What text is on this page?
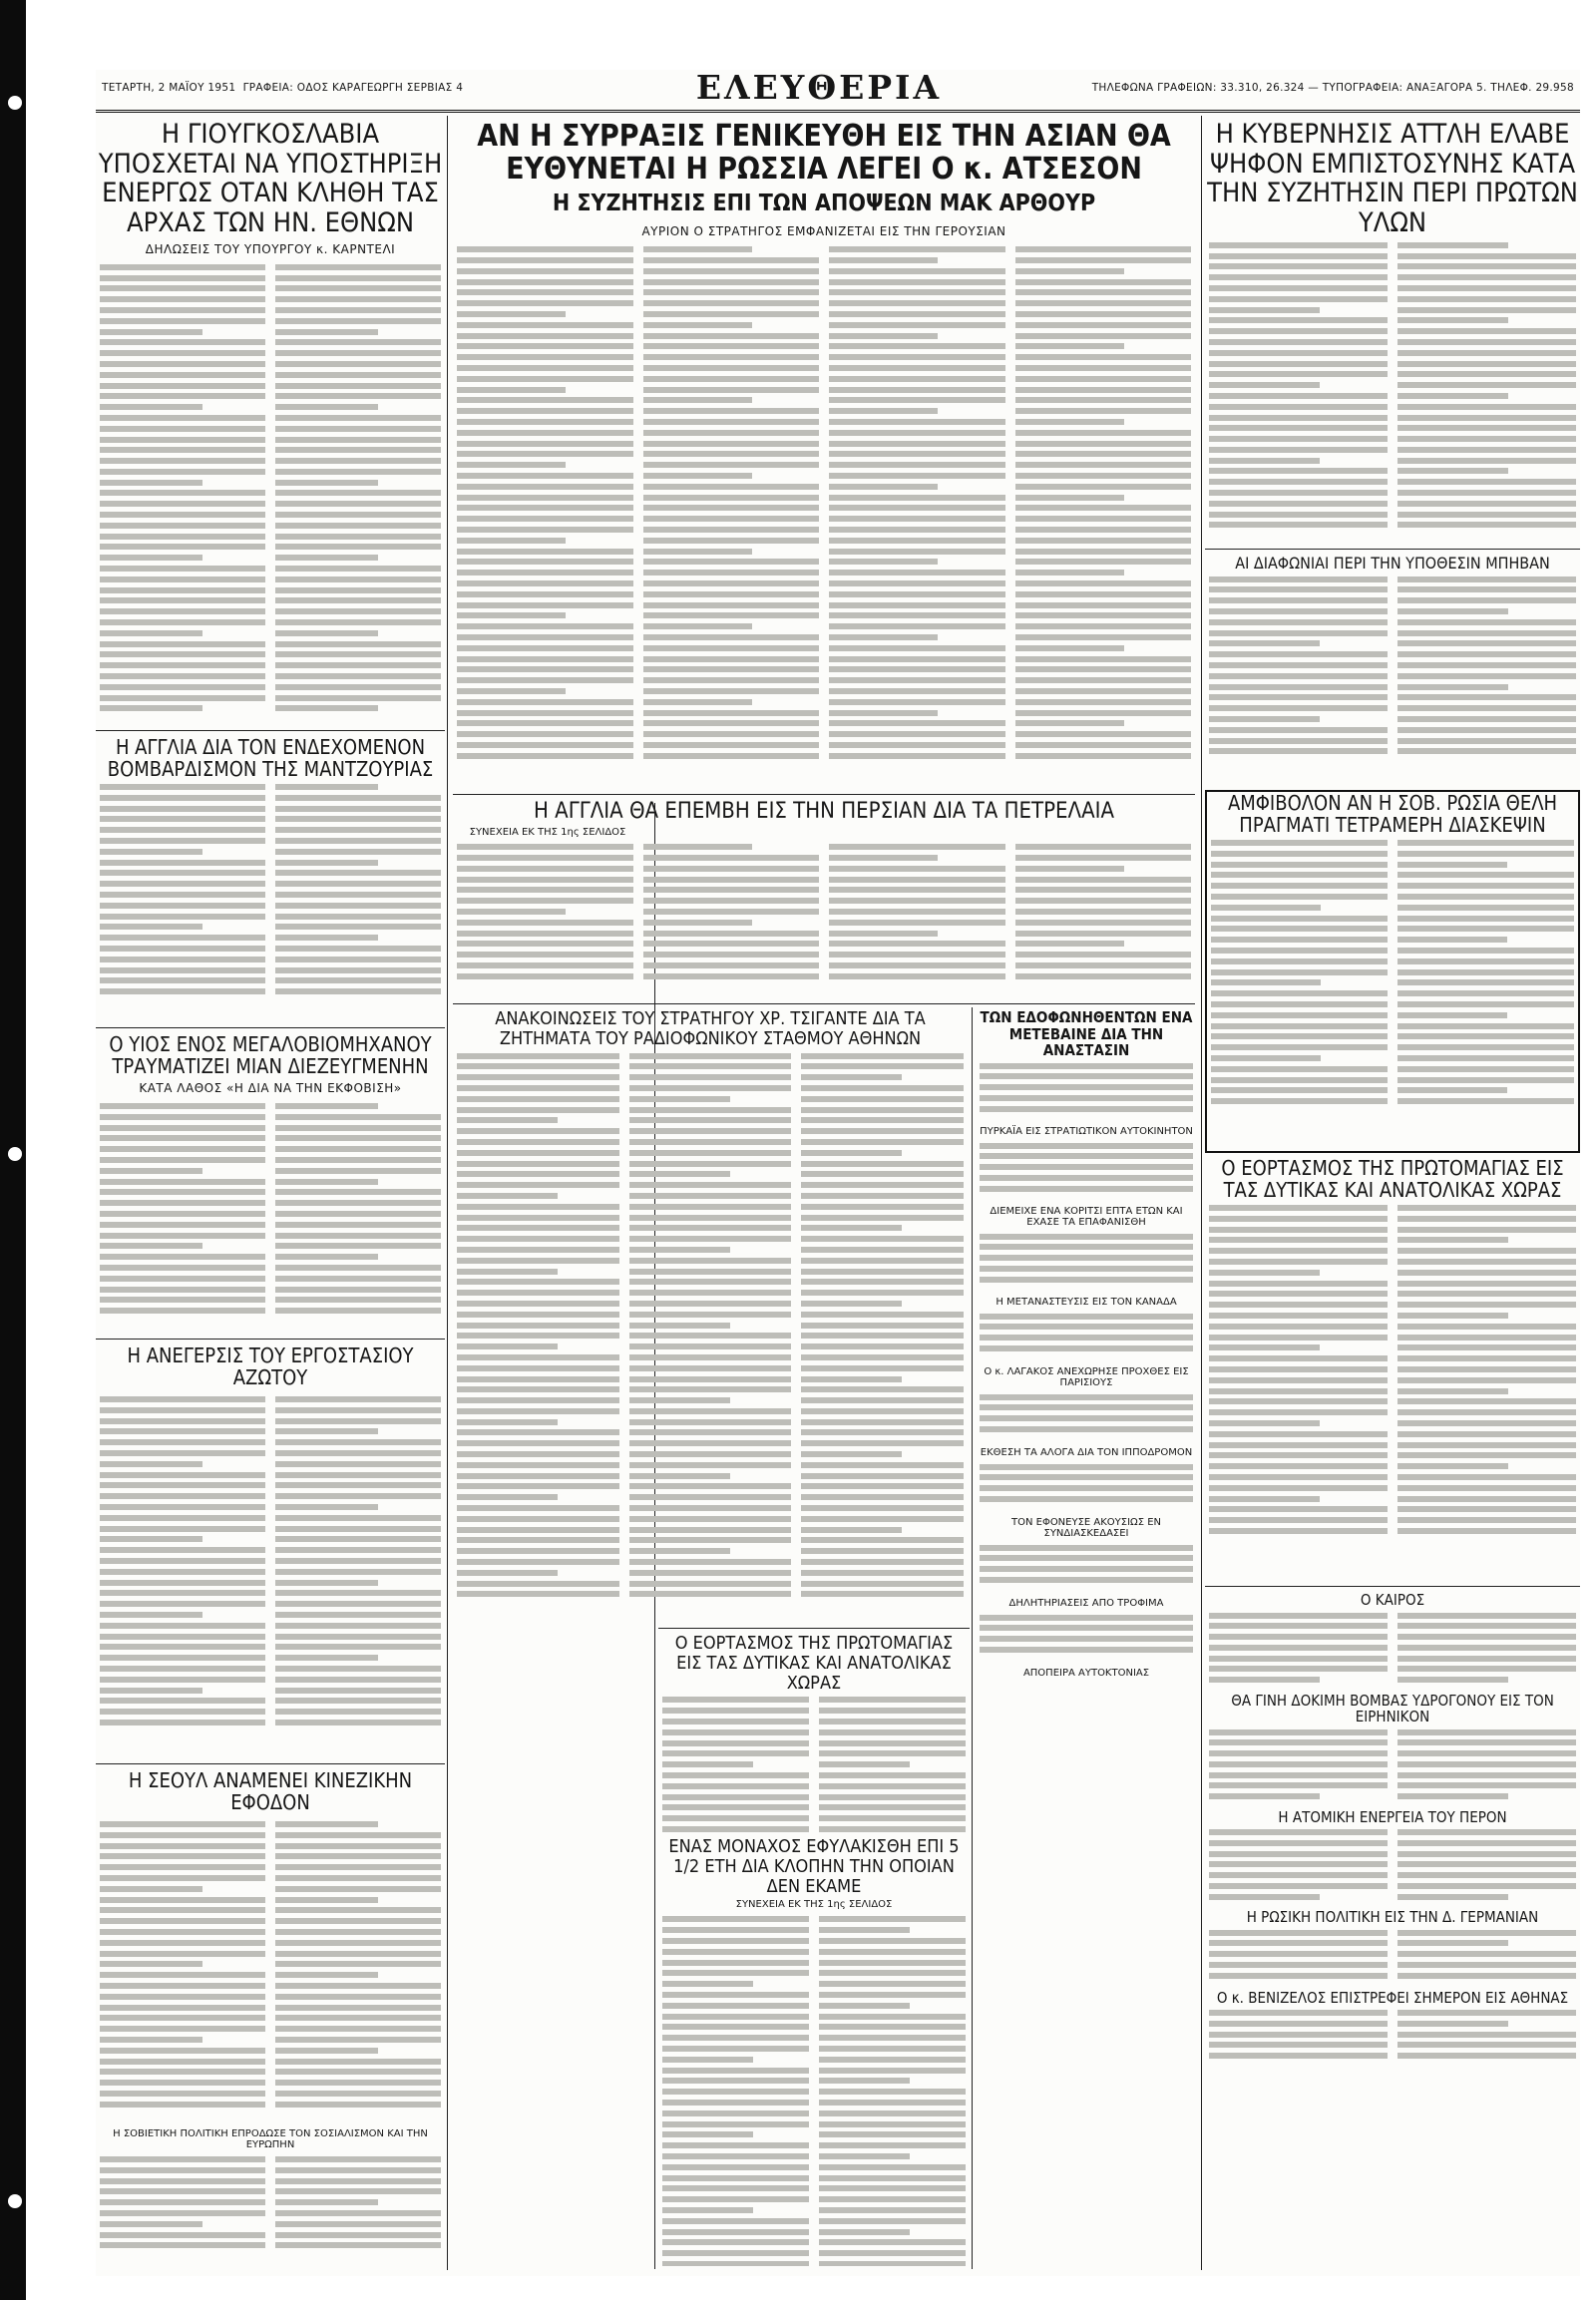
ΤΕΤΑΡΤΗ, 2 ΜΑΪΟΥ 1951 ΓΡΑΦΕΙΑ: ΟΔΟΣ ΚΑΡΑΓΕΩΡΓΗ ΣΕΡΒΙΑΣ 4	ΕΛΕΥΘΕΡΙΑ	ΤΗΛΕΦΩΝΑ ΓΡΑΦΕΙΩΝ: 33.310, 26.324 — ΤΥΠΟΓΡΑΦΕΙΑ: ΑΝΑΞΑΓΟΡΑ 5. ΤΗΛΕΦ. 29.958
Η ΓΙΟΥΓΚΟΣΛΑΒΙΑ ΥΠΟΣΧΕΤΑΙ ΝΑ ΥΠΟΣΤΗΡΙΞΗ ΕΝΕΡΓΩΣ ΟΤΑΝ ΚΛΗΘΗ ΤΑΣ ΑΡΧΑΣ ΤΩΝ ΗΝ. ΕΘΝΩΝ
ΔΗΛΩΣΕΙΣ ΤΟΥ ΥΠΟΥΡΓΟΥ κ. ΚΑΡΝΤΕΛΙ
Η ΑΓΓΛΙΑ ΔΙΑ ΤΟΝ ΕΝΔΕΧΟΜΕΝΟΝ ΒΟΜΒΑΡΔΙΣΜΟΝ ΤΗΣ ΜΑΝΤΖΟΥΡΙΑΣ
Ο ΥΙΟΣ ΕΝΟΣ ΜΕΓΑΛΟΒΙΟΜΗΧΑΝΟΥ ΤΡΑΥΜΑΤΙΖΕΙ ΜΙΑΝ ΔΙΕΖΕΥΓΜΕΝΗΝ
ΚΑΤΑ ΛΑΘΟΣ «Η ΔΙΑ ΝΑ ΤΗΝ ΕΚΦΟΒΙΣΗ»
Η ΑΝΕΓΕΡΣΙΣ ΤΟΥ ΕΡΓΟΣΤΑΣΙΟΥ ΑΖΩΤΟΥ
Η ΣΕΟΥΛ ΑΝΑΜΕΝΕΙ ΚΙΝΕΖΙΚΗΝ ΕΦΟΔΟΝ
Η ΣΟΒΙΕΤΙΚΗ ΠΟΛΙΤΙΚΗ ΕΠΡΟΔΩΣΕ ΤΟΝ ΣΟΣΙΑΛΙΣΜΟΝ ΚΑΙ ΤΗΝ ΕΥΡΩΠΗΝ
ΑΝ Η ΣΥΡΡΑΞΙΣ ΓΕΝΙΚΕΥΘΗ ΕΙΣ ΤΗΝ ΑΣΙΑΝ ΘΑ ΕΥΘΥΝΕΤΑΙ Η ΡΩΣΣΙΑ ΛΕΓΕΙ Ο κ. ΑΤΣΕΣΟΝ
Η ΣΥΖΗΤΗΣΙΣ ΕΠΙ ΤΩΝ ΑΠΟΨΕΩΝ ΜΑΚ ΑΡΘΟΥΡ
ΑΥΡΙΟΝ Ο ΣΤΡΑΤΗΓΟΣ ΕΜΦΑΝΙΖΕΤΑΙ ΕΙΣ ΤΗΝ ΓΕΡΟΥΣΙΑΝ
Η ΑΓΓΛΙΑ ΘΑ ΕΠΕΜΒΗ ΕΙΣ ΤΗΝ ΠΕΡΣΙΑΝ ΔΙΑ ΤΑ ΠΕΤΡΕΛΑΙΑ
ΣΥΝΕΧΕΙΑ ΕΚ ΤΗΣ 1ης ΣΕΛΙΔΟΣ
ΑΝΑΚΟΙΝΩΣΕΙΣ ΤΟΥ ΣΤΡΑΤΗΓΟΥ ΧΡ. ΤΣΙΓΑΝΤΕ ΔΙΑ ΤΑ ΖΗΤΗΜΑΤΑ ΤΟΥ ΡΑΔΙΟΦΩΝΙΚΟΥ ΣΤΑΘΜΟΥ ΑΘΗΝΩΝ
Ο ΕΟΡΤΑΣΜΟΣ ΤΗΣ ΠΡΩΤΟΜΑΓΙΑΣ ΕΙΣ ΤΑΣ ΔΥΤΙΚΑΣ ΚΑΙ ΑΝΑΤΟΛΙΚΑΣ ΧΩΡΑΣ
ΕΝΑΣ ΜΟΝΑΧΟΣ ΕΦΥΛΑΚΙΣΘΗ ΕΠΙ 5 1/2 ΕΤΗ ΔΙΑ ΚΛΟΠΗΝ ΤΗΝ ΟΠΟΙΑΝ ΔΕΝ ΕΚΑΜΕ
ΣΥΝΕΧΕΙΑ ΕΚ ΤΗΣ 1ης ΣΕΛΙΔΟΣ
ΤΩΝ ΕΔΟΦΩΝΗΘΕΝΤΩΝ ΕΝΑ ΜΕΤΕΒΑΙΝΕ ΔΙΑ ΤΗΝ ΑΝΑΣΤΑΣΙΝ
ΠΥΡΚΑΪΑ ΕΙΣ ΣΤΡΑΤΙΩΤΙΚΟΝ ΑΥΤΟΚΙΝΗΤΟΝ
ΔΙΕΜΕΙΧΕ ΕΝΑ ΚΟΡΙΤΣΙ ΕΠΤΑ ΕΤΩΝ ΚΑΙ ΕΧΑΣΕ ΤΑ ΕΠΑΦΑΝΙΣΘΗ
Η ΜΕΤΑΝΑΣΤΕΥΣΙΣ ΕΙΣ ΤΟΝ ΚΑΝΑΔΑ
Ο κ. ΛΑΓΑΚΟΣ ΑΝΕΧΩΡΗΣΕ ΠΡΟΧΘΕΣ ΕΙΣ ΠΑΡΙΣΙΟΥΣ
ΕΚΘΕΣΗ ΤΑ ΑΛΟΓΑ ΔΙΑ ΤΟΝ ΙΠΠΟΔΡΟΜΟΝ
ΤΟΝ ΕΦΟΝΕΥΣΕ ΑΚΟΥΣΙΩΣ ΕΝ ΣΥΝΔΙΑΣΚΕΔΑΣΕΙ
ΔΗΛΗΤΗΡΙΑΣΕΙΣ ΑΠΟ ΤΡΟΦΙΜΑ
ΑΠΟΠΕΙΡΑ ΑΥΤΟΚΤΟΝΙΑΣ
Η ΚΥΒΕΡΝΗΣΙΣ ΑΤΤΛΗ ΕΛΑΒΕ ΨΗΦΟΝ ΕΜΠΙΣΤΟΣΥΝΗΣ ΚΑΤΑ ΤΗΝ ΣΥΖΗΤΗΣΙΝ ΠΕΡΙ ΠΡΩΤΩΝ ΥΛΩΝ
ΑΙ ΔΙΑΦΩΝΙΑΙ ΠΕΡΙ ΤΗΝ ΥΠΟΘΕΣΙΝ ΜΠΗΒΑΝ
ΑΜΦΙΒΟΛΟΝ ΑΝ Η ΣΟΒ. ΡΩΣΙΑ ΘΕΛΗ ΠΡΑΓΜΑΤΙ ΤΕΤΡΑΜΕΡΗ ΔΙΑΣΚΕΨΙΝ
Ο ΕΟΡΤΑΣΜΟΣ ΤΗΣ ΠΡΩΤΟΜΑΓΙΑΣ ΕΙΣ ΤΑΣ ΔΥΤΙΚΑΣ ΚΑΙ ΑΝΑΤΟΛΙΚΑΣ ΧΩΡΑΣ
Ο ΚΑΙΡΟΣ
ΘΑ ΓΙΝΗ ΔΟΚΙΜΗ ΒΟΜΒΑΣ ΥΔΡΟΓΟΝΟΥ ΕΙΣ ΤΟΝ ΕΙΡΗΝΙΚΟΝ
Η ΑΤΟΜΙΚΗ ΕΝΕΡΓΕΙΑ ΤΟΥ ΠΕΡΟΝ
Η ΡΩΣΙΚΗ ΠΟΛΙΤΙΚΗ ΕΙΣ ΤΗΝ Δ. ΓΕΡΜΑΝΙΑΝ
Ο κ. ΒΕΝΙΖΕΛΟΣ ΕΠΙΣΤΡΕΦΕΙ ΣΗΜΕΡΟΝ ΕΙΣ ΑΘΗΝΑΣ
